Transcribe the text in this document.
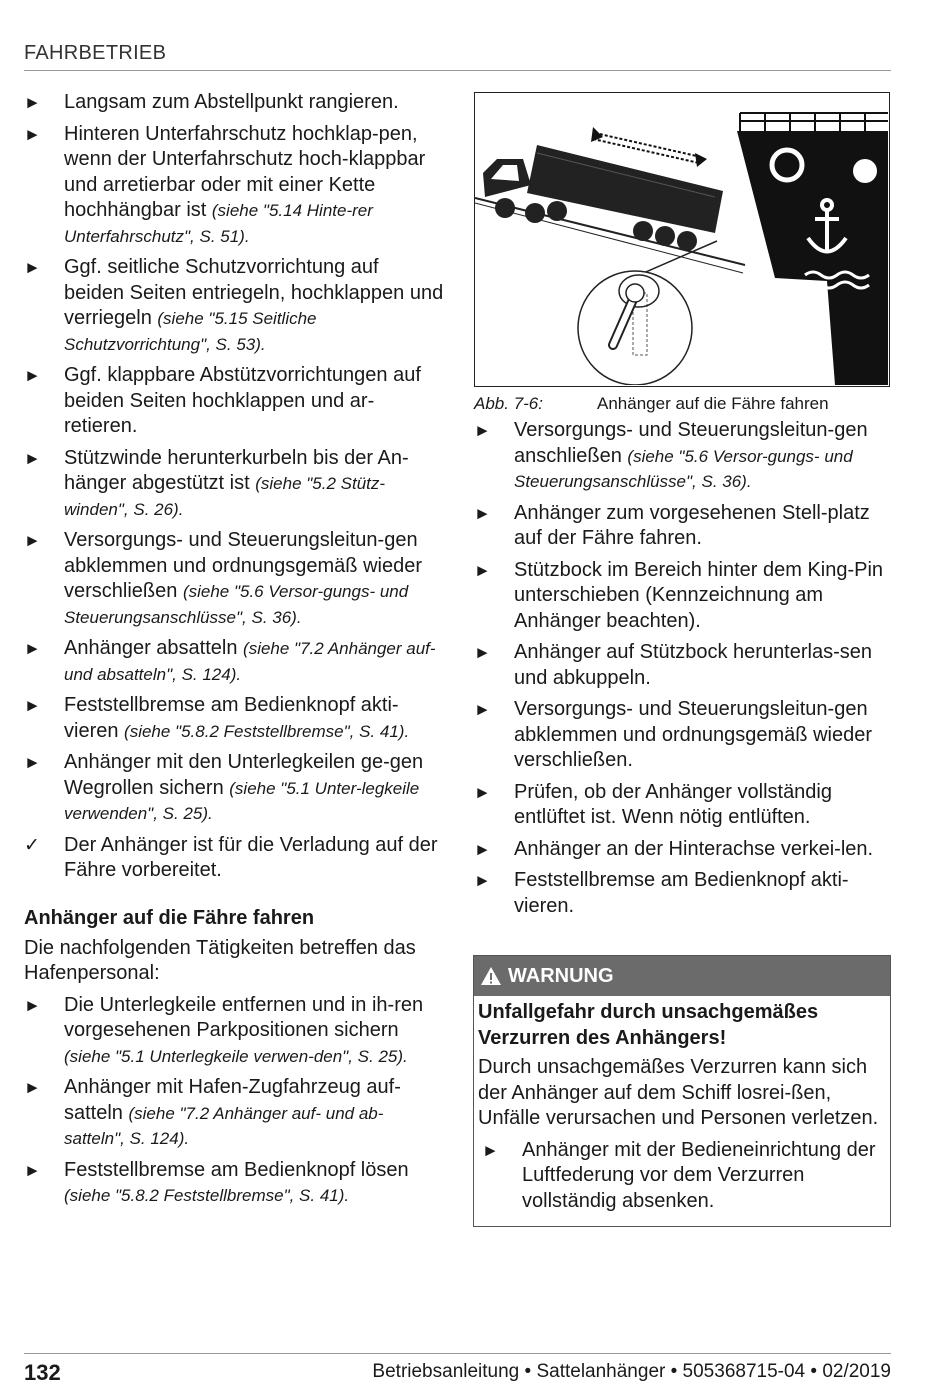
FAHRBETRIEB
►	Langsam zum Abstellpunkt rangieren.
►	Hinteren Unterfahrschutz hochklap-pen, wenn der Unterfahrschutz hoch-klappbar und arretierbar oder mit einer Kette hochhängbar ist (siehe "5.14 Hinte-rer Unterfahrschutz", S. 51).
►	Ggf. seitliche Schutzvorrichtung auf beiden Seiten entriegeln, hochklappen und verriegeln (siehe "5.15 Seitliche Schutzvorrichtung", S. 53).
►	Ggf. klappbare Abstützvorrichtungen auf beiden Seiten hochklappen und ar-retieren.
►	Stützwinde herunterkurbeln bis der An-hänger abgestützt ist (siehe "5.2 Stütz-winden", S. 26).
►	Versorgungs- und Steuerungsleitun-gen abklemmen und ordnungsgemäß wieder verschließen (siehe "5.6 Versor-gungs- und Steuerungsanschlüsse", S. 36).
►	Anhänger absatteln (siehe "7.2 Anhänger auf- und absatteln", S. 124).
►	Feststellbremse am Bedienknopf akti-vieren (siehe "5.8.2 Feststellbremse", S. 41).
►	Anhänger mit den Unterlegkeilen ge-gen Wegrollen sichern (siehe "5.1 Unter-legkeile verwenden", S. 25).
✓	Der Anhänger ist für die Verladung auf der Fähre vorbereitet.
Anhänger auf die Fähre fahren
Die nachfolgenden Tätigkeiten betreffen das Hafenpersonal:
►	Die Unterlegkeile entfernen und in ih-ren vorgesehenen Parkpositionen sichern (siehe "5.1 Unterlegkeile verwen-den", S. 25).
►	Anhänger mit Hafen-Zugfahrzeug auf-satteln (siehe "7.2 Anhänger auf- und ab-satteln", S. 124).
►	Feststellbremse am Bedienknopf lösen (siehe "5.8.2 Feststellbremse", S. 41).
Abb. 7-6:	Anhänger auf die Fähre fahren
►	Versorgungs- und Steuerungsleitun-gen anschließen (siehe "5.6 Versor-gungs- und Steuerungsanschlüsse", S. 36).
►	Anhänger zum vorgesehenen Stell-platz auf der Fähre fahren.
►	Stützbock im Bereich hinter dem King-Pin unterschieben (Kennzeichnung am Anhänger beachten).
►	Anhänger auf Stützbock herunterlas-sen und abkuppeln.
►	Versorgungs- und Steuerungsleitun-gen abklemmen und ordnungsgemäß wieder verschließen.
►	Prüfen, ob der Anhänger vollständig entlüftet ist. Wenn nötig entlüften.
►	Anhänger an der Hinterachse verkei-len.
►	Feststellbremse am Bedienknopf akti-vieren.
WARNUNG
Unfallgefahr durch unsachgemäßes Verzurren des Anhängers!
Durch unsachgemäßes Verzurren kann sich der Anhänger auf dem Schiff losrei-ßen, Unfälle verursachen und Personen verletzen.
►	Anhänger mit der Bedieneinrichtung der Luftfederung vor dem Verzurren vollständig absenken.
132	Betriebsanleitung • Sattelanhänger • 505368715-04 • 02/2019
